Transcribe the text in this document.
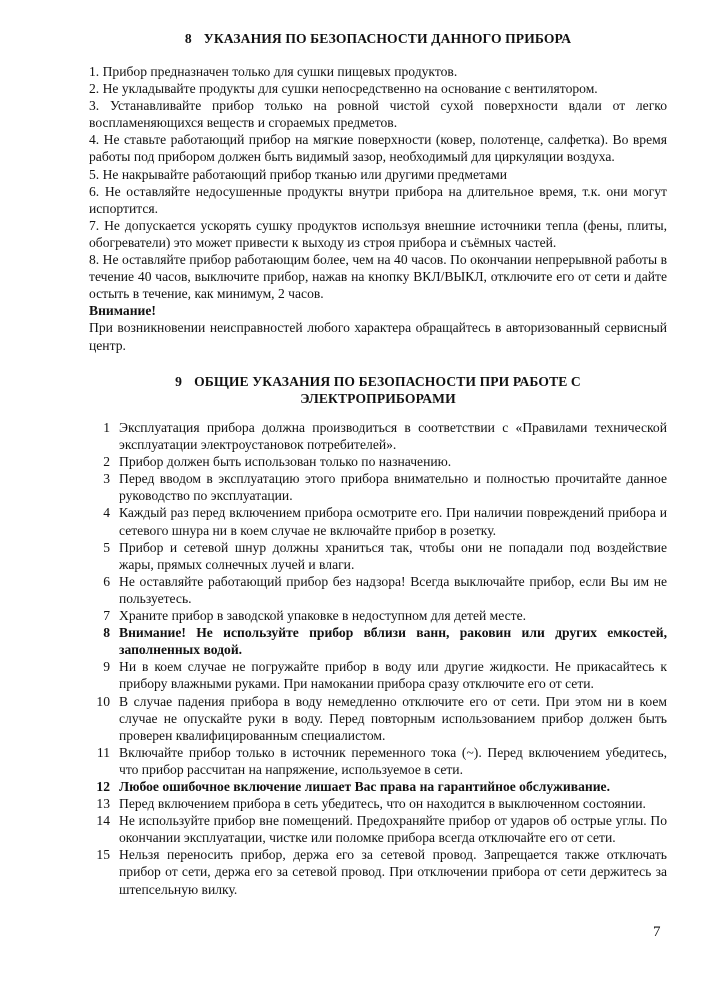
8 УКАЗАНИЯ ПО БЕЗОПАСНОСТИ ДАННОГО ПРИБОРА

1. Прибор предназначен только для сушки пищевых продуктов.

2. Не укладывайте продукты для сушки непосредственно на основание с вентилятором.

3. Устанавливайте прибор только на ровной чистой сухой поверхности вдали от легко воспламеняющихся веществ и сгораемых предметов.

4. Не ставьте работающий прибор на мягкие поверхности (ковер, полотенце, салфетка). Во время работы под прибором должен быть видимый зазор, необходимый для циркуляции воздуха.

5. Не накрывайте работающий прибор тканью или другими предметами

6. Не оставляйте недосушенные продукты внутри прибора на длительное время, т.к. они могут испортится.

7. Не допускается ускорять сушку продуктов используя внешние источники тепла (фены, плиты, обогреватели) это может привести к выходу из строя прибора и съёмных частей.

8. Не оставляйте прибор работающим более, чем на 40 часов. По окончании непрерывной работы в течение 40 часов, выключите прибор, нажав на кнопку ВКЛ/ВЫКЛ, отключите его от сети и дайте остыть в течение, как минимум, 2 часов.

Внимание!

При возникновении неисправностей любого характера обращайтесь в авторизованный сервисный центр.

9 ОБЩИЕ УКАЗАНИЯ ПО БЕЗОПАСНОСТИ ПРИ РАБОТЕ С
ЭЛЕКТРОПРИБОРАМИ
1 Эксплуатация прибора должна производиться в соответствии с «Правилами технической эксплуатации электроустановок потребителей».
2 Прибор должен быть использован только по назначению.
3 Перед вводом в эксплуатацию этого прибора внимательно и полностью прочитайте данное руководство по эксплуатации.
4 Каждый раз перед включением прибора осмотрите его. При наличии повреждений прибора и сетевого шнура ни в коем случае не включайте прибор в розетку.
5 Прибор и сетевой шнур должны храниться так, чтобы они не попадали под воздействие жары, прямых солнечных лучей и влаги.
6 Не оставляйте работающий прибор без надзора! Всегда выключайте прибор, если Вы им не пользуетесь.
7 Храните прибор в заводской упаковке в недоступном для детей месте.
8 Внимание! Не используйте прибор вблизи ванн, раковин или других емкостей, заполненных водой.
9 Ни в коем случае не погружайте прибор в воду или другие жидкости. Не прикасайтесь к прибору влажными руками. При намокании прибора сразу отключите его от сети.
10 В случае падения прибора в воду немедленно отключите его от сети. При этом ни в коем случае не опускайте руки в воду. Перед повторным использованием прибор должен быть проверен квалифицированным специалистом.
11 Включайте прибор только в источник переменного тока (~). Перед включением убедитесь, что прибор рассчитан на напряжение, используемое в сети.
12 Любое ошибочное включение лишает Вас права на гарантийное обслуживание.
13 Перед включением прибора в сеть убедитесь, что он находится в выключенном состоянии.
14 Не используйте прибор вне помещений. Предохраняйте прибор от ударов об острые углы. По окончании эксплуатации, чистке или поломке прибора всегда отключайте его от сети.
15 Нельзя переносить прибор, держа его за сетевой провод. Запрещается также отключать прибор от сети, держа его за сетевой провод. При отключении прибора от сети держитесь за штепсельную вилку.
7
